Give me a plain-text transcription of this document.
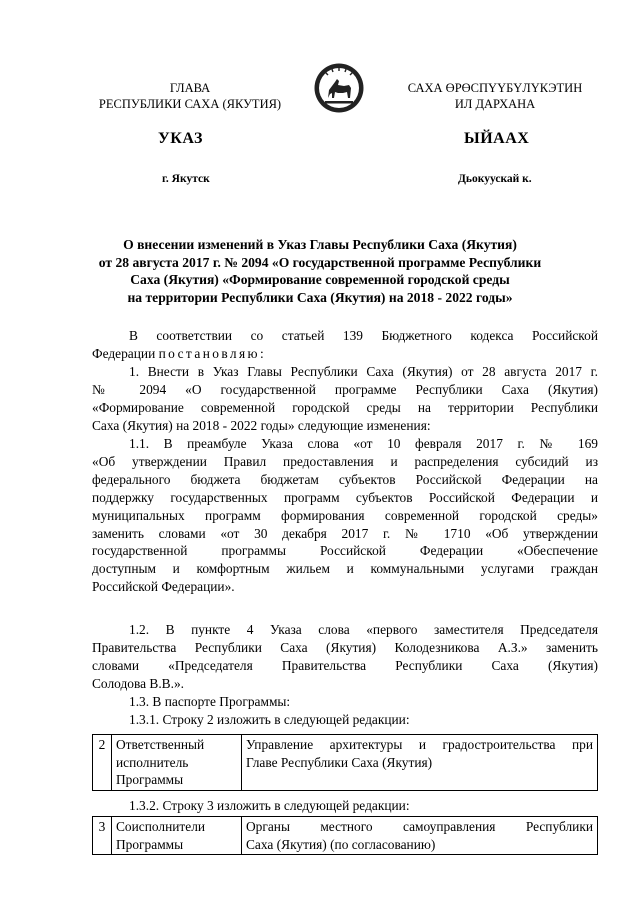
ГЛАВА
РЕСПУБЛИКИ САХА (ЯКУТИЯ)
САХА ӨРӨСПҮҮБҮЛҮКЭТИН
ИЛ ДАРХАНА
УКАЗ	ЫЙААХ
г. Якутск	Дьокуускай к.
О внесении изменений в Указ Главы Республики Саха (Якутия)
от 28 августа 2017 г. № 2094 «О государственной программе Республики
Саха (Якутия) «Формирование современной городской среды
на территории Республики Саха (Якутия) на 2018 - 2022 годы»
В соответствии со статьей 139 Бюджетного кодекса Российской
Федерации постановляю:
1. Внести в Указ Главы Республики Саха (Якутия) от 28 августа 2017 г.
№ 2094 «О государственной программе Республики Саха (Якутия)
«Формирование современной городской среды на территории Республики
Саха (Якутия) на 2018 - 2022 годы» следующие изменения:
1.1. В преамбуле Указа слова «от 10 февраля 2017 г. № 169
«Об утверждении Правил предоставления и распределения субсидий из
федерального бюджета бюджетам субъектов Российской Федерации на
поддержку государственных программ субъектов Российской Федерации и
муниципальных программ формирования современной городской среды»
заменить словами «от 30 декабря 2017 г. № 1710 «Об утверждении
государственной программы Российской Федерации «Обеспечение
доступным и комфортным жильем и коммунальными услугами граждан
Российской Федерации».
1.2. В пункте 4 Указа слова «первого заместителя Председателя
Правительства Республики Саха (Якутия) Колодезникова А.З.» заменить
словами «Председателя Правительства Республики Саха (Якутия)
Солодова В.В.».
1.3. В паспорте Программы:
1.3.1. Строку 2 изложить в следующей редакции:
2	Ответственный
исполнитель
Программы

Управление архитектуры и градостроительства при
Главе Республики Саха (Якутия)
1.3.2. Строку 3 изложить в следующей редакции:
3	Соисполнители
Программы

Органы местного самоуправления Республики
Саха (Якутия) (по согласованию)
